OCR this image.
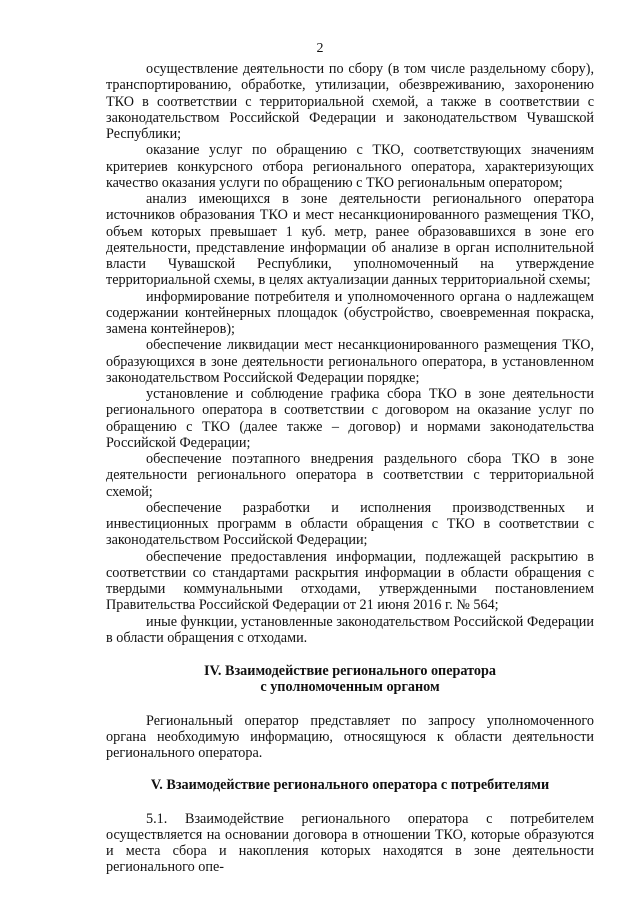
2

осуществление деятельности по сбору (в том числе раздельному сбору), транспортированию, обработке, утилизации, обезвреживанию, захоронению ТКО в соответствии с территориальной схемой, а также в соответствии с законодательством Российской Федерации и законодательством Чувашской Республики;

оказание услуг по обращению с ТКО, соответствующих значениям критериев конкурсного отбора регионального оператора, характеризующих качество оказания услуги по обращению с ТКО региональным оператором;

анализ имеющихся в зоне деятельности регионального оператора источников образования ТКО и мест несанкционированного размещения ТКО, объем которых превышает 1 куб. метр, ранее образовавшихся в зоне его деятельности, представление информации об анализе в орган исполнительной власти Чувашской Республики, уполномоченный на утверждение территориальной схемы, в целях актуализации данных территориальной схемы;

информирование потребителя и уполномоченного органа о надлежащем содержании контейнерных площадок (обустройство, своевременная покраска, замена контейнеров);

обеспечение ликвидации мест несанкционированного размещения ТКО, образующихся в зоне деятельности регионального оператора, в установленном законодательством Российской Федерации порядке;

установление и соблюдение графика сбора ТКО в зоне деятельности регионального оператора в соответствии с договором на оказание услуг по обращению с ТКО (далее также – договор) и нормами законодательства Российской Федерации;

обеспечение поэтапного внедрения раздельного сбора ТКО в зоне деятельности регионального оператора в соответствии с территориальной схемой;

обеспечение разработки и исполнения производственных и инвестиционных программ в области обращения с ТКО в соответствии с законодательством Российской Федерации;

обеспечение предоставления информации, подлежащей раскрытию в соответствии со стандартами раскрытия информации в области обращения с твердыми коммунальными отходами, утвержденными постановлением Правительства Российской Федерации от 21 июня 2016 г. № 564;

иные функции, установленные законодательством Российской Федерации в области обращения с отходами.

IV. Взаимодействие регионального оператора

с уполномоченным органом

Региональный оператор представляет по запросу уполномоченного органа необходимую информацию, относящуюся к области деятельности регионального оператора.

V. Взаимодействие регионального оператора с потребителями

5.1. Взаимодействие регионального оператора с потребителем осуществляется на основании договора в отношении ТКО, которые образуются и места сбора и накопления которых находятся в зоне деятельности регионального опе-
